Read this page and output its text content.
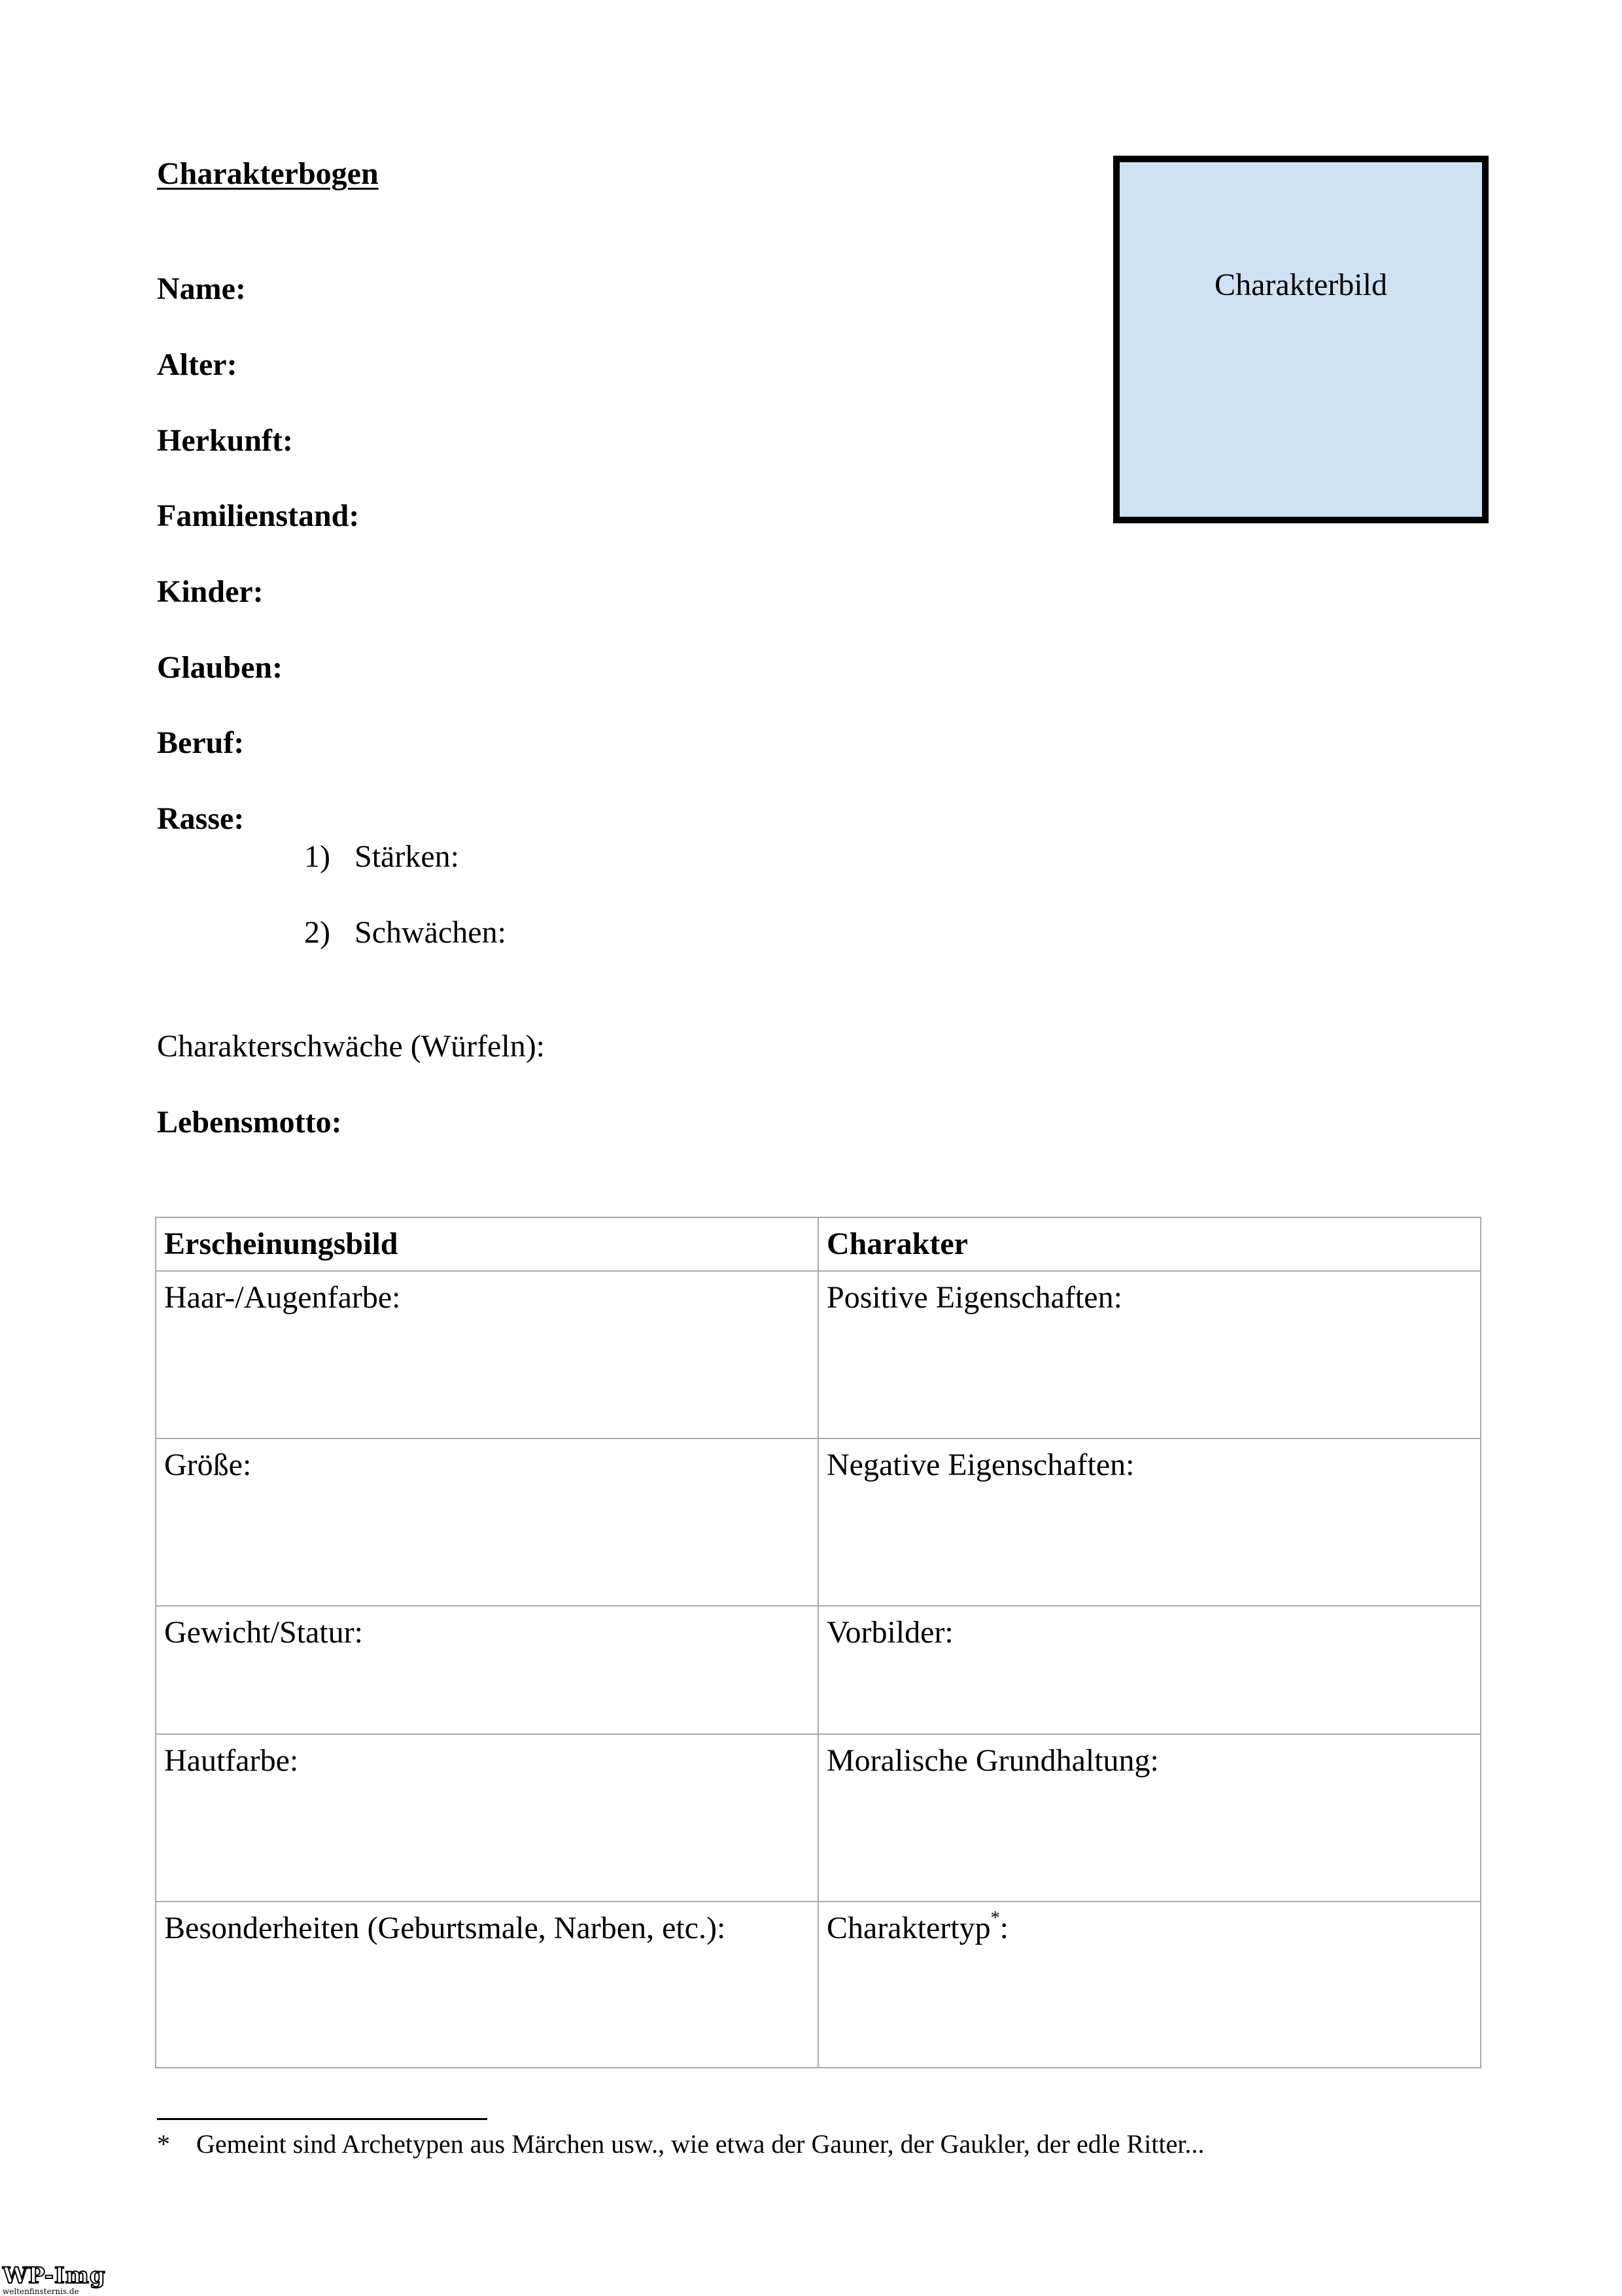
Charakterbogen
Name:
Alter:
Herkunft:
Familienstand:
Kinder:
Glauben:
Beruf:
Rasse:
1) Stärken:
2) Schwächen:
Charakterschwäche (Würfeln):
Lebensmotto:
Charakterbild
Erscheinungsbild	Charakter
Haar-/Augenfarbe:	Positive Eigenschaften:
Größe:	Negative Eigenschaften:
Gewicht/Statur:	Vorbilder:
Hautfarbe:	Moralische Grundhaltung:
Besonderheiten (Geburtsmale, Narben, etc.):	Charaktertyp*:
* Gemeint sind Archetypen aus Märchen usw., wie etwa der Gauner, der Gaukler, der edle Ritter...
WP-Img
weltenfinsternis.de
